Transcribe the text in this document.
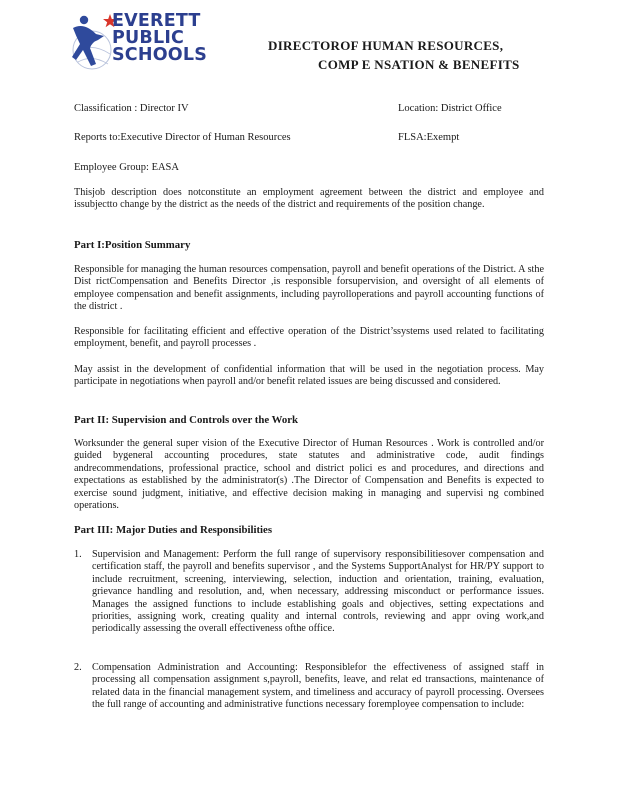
EVERETT
PUBLIC
SCHOOLS	DIRECTOROF HUMAN RESOURCES,
COMP E NSATION & BENEFITS
Classification : Director IV	Location: District Office
Reports to:Executive Director of Human Resources	FLSA:Exempt
Employee Group: EASA
Thisjob description does notconstitute an employment agreement between the district and employee and issubjectto change by the district as the needs of the district and requirements of the position change.
Part I:Position Summary
Responsible for managing the human resources compensation, payroll and benefit operations of the District. A sthe Dist rictCompensation and Benefits Director ,is responsible forsupervision, and oversight of all elements of employee compensation and benefit assignments, including payrolloperations and payroll accounting functions of the district .
Responsible for facilitating efficient and effective operation of the District’ssystems used related to facilitating employment, benefit, and payroll processes .
May assist in the development of confidential information that will be used in the negotiation process. May participate in negotiations when payroll and/or benefit related issues are being discussed and considered.
Part II: Supervision and Controls over the Work
Worksunder the general super vision of the Executive Director of Human Resources . Work is controlled and/or guided bygeneral accounting procedures, state statutes and administrative code, audit findings andrecommendations, professional practice, school and district polici es and procedures, and directions and expectations as established by the administrator(s) .The Director of Compensation and Benefits is expected to exercise sound judgment, initiative, and effective decision making in managing and supervisi ng combined operations.
Part III: Major Duties and Responsibilities
1. Supervision and Management: Perform the full range of supervisory responsibilitiesover compensation and certification staff, the payroll and benefits supervisor , and the Systems SupportAnalyst for HR/PY support to include recruitment, screening, interviewing, selection, induction and orientation, training, evaluation, grievance handling and resolution, and, when necessary, addressing misconduct or performance issues. Manages the assigned functions to include establishing goals and objectives, setting expectations and priorities, assigning work, creating quality and internal controls, reviewing and appr oving work,and periodically assessing the overall effectiveness ofthe office.
2. Compensation Administration and Accounting: Responsiblefor the effectiveness of assigned staff in processing all compensation assignment s,payroll, benefits, leave, and relat ed transactions, maintenance of related data in the financial management system, and timeliness and accuracy of payroll processing. Oversees the full range of accounting and administrative functions necessary foremployee compensation to include:
